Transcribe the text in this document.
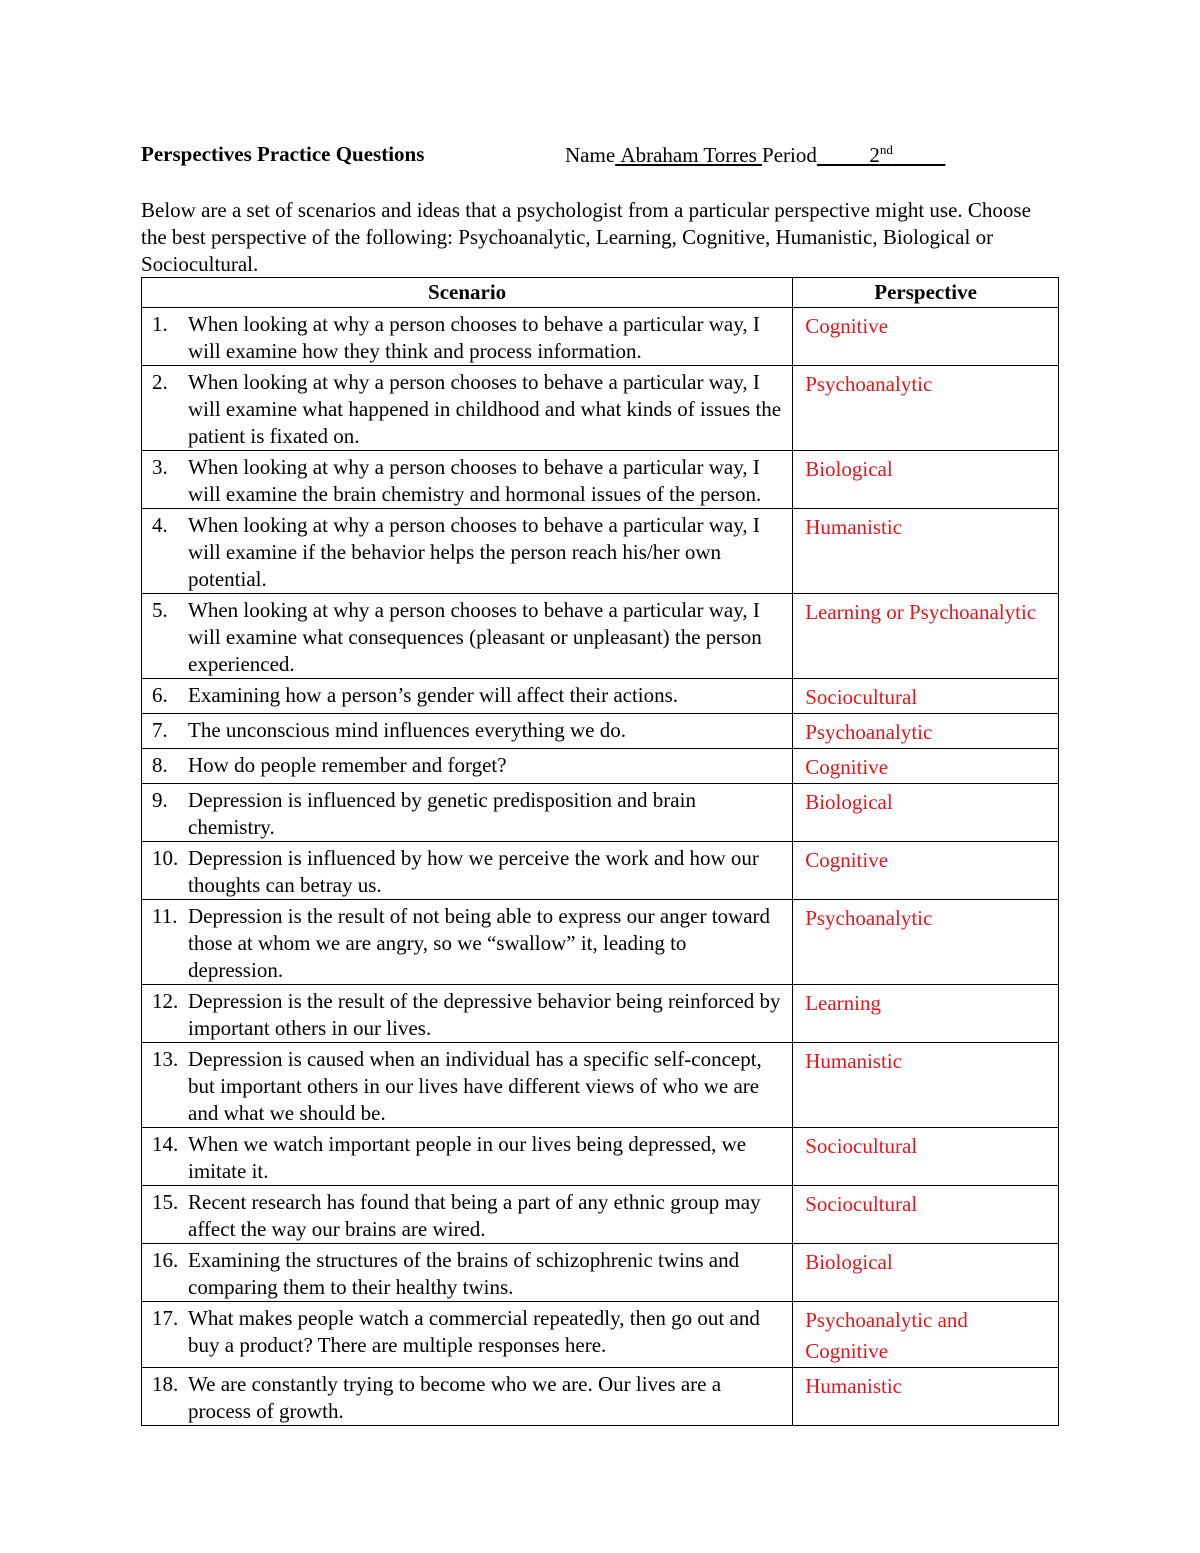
Perspectives Practice Questions	Name Abraham Torres Period	2nd
Below are a set of scenarios and ideas that a psychologist from a particular perspective might use. Choose the best perspective of the following: Psychoanalytic, Learning, Cognitive, Humanistic, Biological or Sociocultural.
Scenario	Perspective

1. When looking at why a person chooses to behave a particular way, I will examine how they think and process information.	Cognitive

2. When looking at why a person chooses to behave a particular way, I will examine what happened in childhood and what kinds of issues the patient is fixated on.	Psychoanalytic

3. When looking at why a person chooses to behave a particular way, I will examine the brain chemistry and hormonal issues of the person.	Biological

4. When looking at why a person chooses to behave a particular way, I will examine if the behavior helps the person reach his/her own potential.	Humanistic

5. When looking at why a person chooses to behave a particular way, I will examine what consequences (pleasant or unpleasant) the person experienced.	Learning or Psychoanalytic

6. Examining how a person’s gender will affect their actions.	Sociocultural

7. The unconscious mind influences everything we do.	Psychoanalytic

8. How do people remember and forget?	Cognitive

9. Depression is influenced by genetic predisposition and brain chemistry.	Biological

10. Depression is influenced by how we perceive the work and how our thoughts can betray us.	Cognitive

11. Depression is the result of not being able to express our anger toward those at whom we are angry, so we “swallow” it, leading to depression.	Psychoanalytic

12. Depression is the result of the depressive behavior being reinforced by important others in our lives.	Learning

13. Depression is caused when an individual has a specific self-concept, but important others in our lives have different views of who we are and what we should be.	Humanistic

14. When we watch important people in our lives being depressed, we imitate it.	Sociocultural

15. Recent research has found that being a part of any ethnic group may affect the way our brains are wired.	Sociocultural

16. Examining the structures of the brains of schizophrenic twins and comparing them to their healthy twins.	Biological

17. What makes people watch a commercial repeatedly, then go out and buy a product? There are multiple responses here.	Psychoanalytic and Cognitive

18. We are constantly trying to become who we are. Our lives are a process of growth.	Humanistic
